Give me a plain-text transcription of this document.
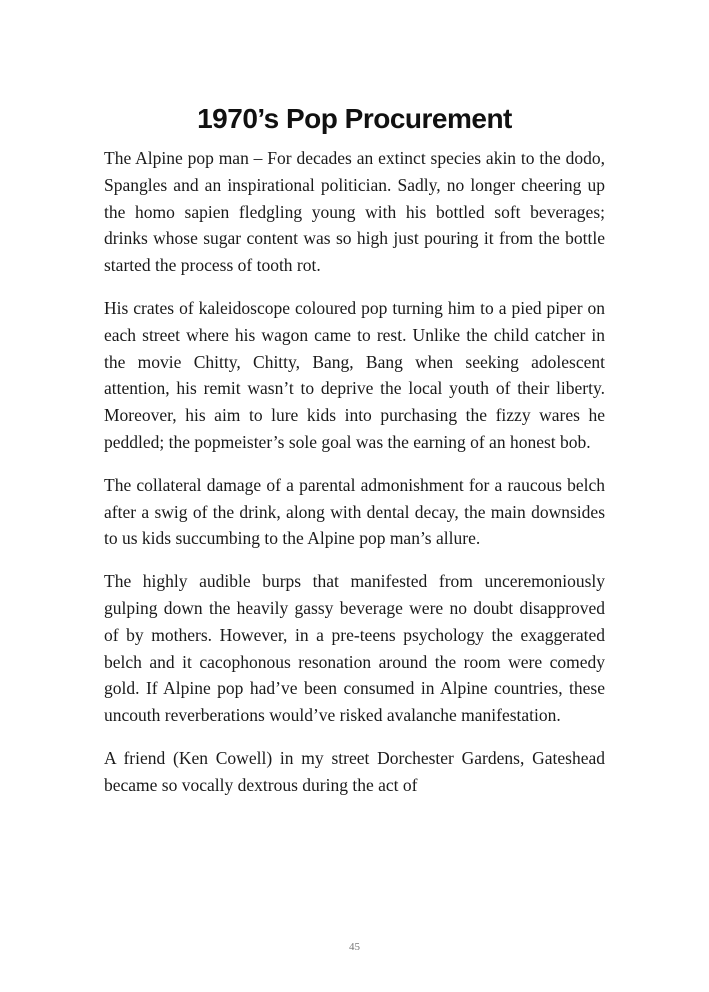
1970’s Pop Procurement

The Alpine pop man – For decades an extinct species akin to the dodo, Spangles and an inspirational politician. Sadly, no longer cheering up the homo sapien fledgling young with his bottled soft beverages; drinks whose sugar content was so high just pouring it from the bottle started the process of tooth rot.

His crates of kaleidoscope coloured pop turning him to a pied piper on each street where his wagon came to rest. Unlike the child catcher in the movie Chitty, Chitty, Bang, Bang when seeking adolescent attention, his remit wasn’t to deprive the local youth of their liberty. Moreover, his aim to lure kids into purchasing the fizzy wares he peddled; the popmeister’s sole goal was the earning of an honest bob.

The collateral damage of a parental admonishment for a raucous belch after a swig of the drink, along with dental decay, the main downsides to us kids succumbing to the Alpine pop man’s allure.

The highly audible burps that manifested from unceremoniously gulping down the heavily gassy beverage were no doubt disapproved of by mothers. However, in a pre-teens psychology the exaggerated belch and it cacophonous resonation around the room were comedy gold. If Alpine pop had’ve been consumed in Alpine countries, these uncouth reverberations would’ve risked avalanche manifestation.

A friend (Ken Cowell) in my street Dorchester Gardens, Gateshead became so vocally dextrous during the act of

45
